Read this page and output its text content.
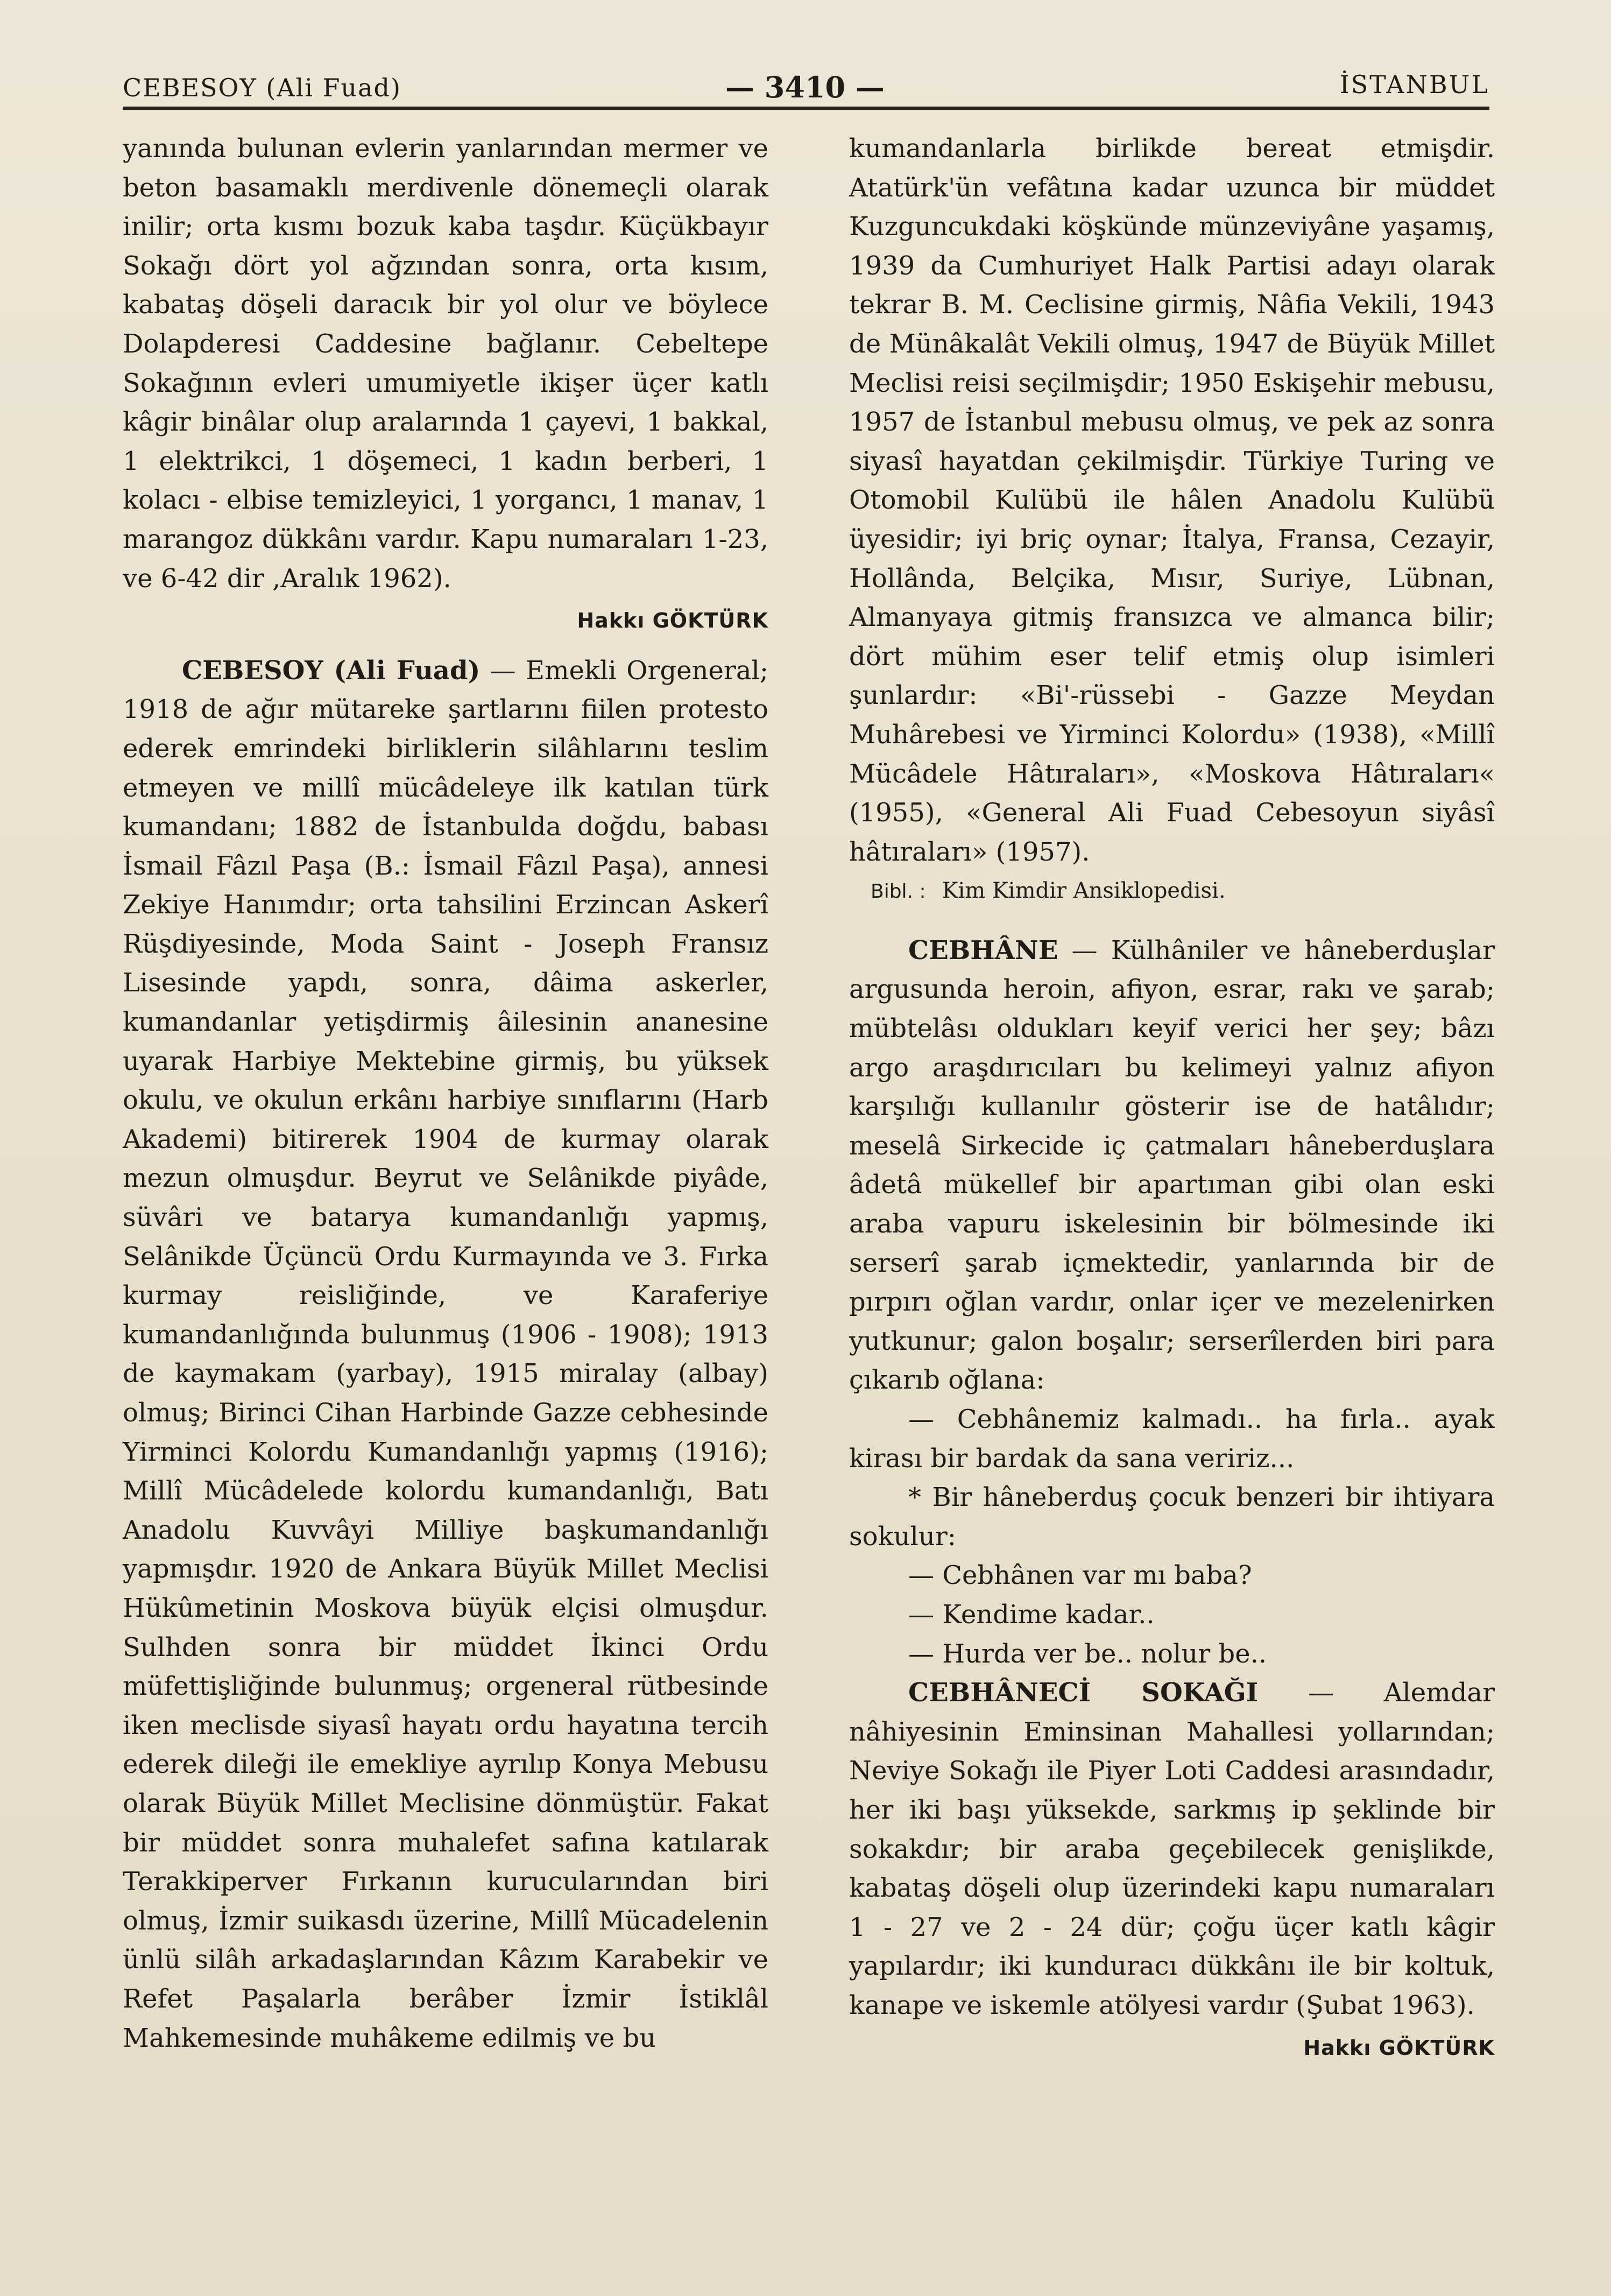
CEBESOY (Ali Fuad)	— 3410 —	İSTANBUL

yanında bulunan evlerin yanlarından mermer ve beton basamaklı merdivenle dönemeçli olarak inilir; orta kısmı bozuk kaba taşdır. Küçükbayır Sokağı dört yol ağzından sonra, orta kısım, kabataş döşeli daracık bir yol olur ve böylece Dolapderesi Caddesine bağlanır. Cebeltepe Sokağının evleri umumiyetle ikişer üçer katlı kâgir binâlar olup aralarında 1 çayevi, 1 bakkal, 1 elektrikci, 1 döşemeci, 1 kadın berberi, 1 kolacı - elbise temizleyici, 1 yorgancı, 1 manav, 1 marangoz dükkânı vardır. Kapu numaraları 1-23, ve 6-42 dir ,Aralık 1962).

Hakkı GÖKTÜRK

CEBESOY (Ali Fuad) — Emekli Orgeneral; 1918 de ağır mütareke şartlarını fiilen protesto ederek emrindeki birliklerin silâhlarını teslim etmeyen ve millî mücâdeleye ilk katılan türk kumandanı; 1882 de İstanbulda doğdu, babası İsmail Fâzıl Paşa (B.: İsmail Fâzıl Paşa), annesi Zekiye Hanımdır; orta tahsilini Erzincan Askerî Rüşdiyesinde, Moda Saint - Joseph Fransız Lisesinde yapdı, sonra, dâima askerler, kumandanlar yetişdirmiş âilesinin ananesine uyarak Harbiye Mektebine girmiş, bu yüksek okulu, ve okulun erkânı harbiye sınıflarını (Harb Akademi) bitirerek 1904 de kurmay olarak mezun olmuşdur. Beyrut ve Selânikde piyâde, süvâri ve batarya kumandanlığı yapmış, Selânikde Üçüncü Ordu Kurmayında ve 3. Fırka kurmay reisliğinde, ve Karaferiye kumandanlığında bulunmuş (1906 - 1908); 1913 de kaymakam (yarbay), 1915 miralay (albay) olmuş; Birinci Cihan Harbinde Gazze cebhesinde Yirminci Kolordu Kumandanlığı yapmış (1916); Millî Mücâdelede kolordu kumandanlığı, Batı Anadolu Kuvvâyi Milliye başkumandanlığı yapmışdır. 1920 de Ankara Büyük Millet Meclisi Hükûmetinin Moskova büyük elçisi olmuşdur. Sulhden sonra bir müddet İkinci Ordu müfettişliğinde bulunmuş; orgeneral rütbesinde iken meclisde siyasî hayatı ordu hayatına tercih ederek dileği ile emekliye ayrılıp Konya Mebusu olarak Büyük Millet Meclisine dönmüştür. Fakat bir müddet sonra muhalefet safına katılarak Terakkiperver Fırkanın kurucularından biri olmuş, İzmir suikasdı üzerine, Millî Mücadelenin ünlü silâh arkadaşlarından Kâzım Karabekir ve Refet Paşalarla berâber İzmir İstiklâl Mahkemesinde muhâkeme edilmiş ve bu

kumandanlarla birlikde bereat etmişdir. Atatürk'ün vefâtına kadar uzunca bir müddet Kuzguncukdaki köşkünde münzeviyâne yaşamış, 1939 da Cumhuriyet Halk Partisi adayı olarak tekrar B. M. Ceclisine girmiş, Nâfia Vekili, 1943 de Münâkalât Vekili olmuş, 1947 de Büyük Millet Meclisi reisi seçilmişdir; 1950 Eskişehir mebusu, 1957 de İstanbul mebusu olmuş, ve pek az sonra siyasî hayatdan çekilmişdir. Türkiye Turing ve Otomobil Kulübü ile hâlen Anadolu Kulübü üyesidir; iyi briç oynar; İtalya, Fransa, Cezayir, Hollânda, Belçika, Mısır, Suriye, Lübnan, Almanyaya gitmiş fransızca ve almanca bilir; dört mühim eser telif etmiş olup isimleri şunlardır: «Bi'-rüssebi - Gazze Meydan Muhârebesi ve Yirminci Kolordu» (1938), «Millî Mücâdele Hâtıraları», «Moskova Hâtıraları« (1955), «General Ali Fuad Cebesoyun siyâsî hâtıraları» (1957).

Bibl. : Kim Kimdir Ansiklopedisi.

CEBHÂNE — Külhâniler ve hâneberduşlar argusunda heroin, afiyon, esrar, rakı ve şarab; mübtelâsı oldukları keyif verici her şey; bâzı argo araşdırıcıları bu kelimeyi yalnız afiyon karşılığı kullanılır gösterir ise de hatâlıdır; meselâ Sirkecide iç çatmaları hâneberduşlara âdetâ mükellef bir apartıman gibi olan eski araba vapuru iskelesinin bir bölmesinde iki serserî şarab içmektedir, yanlarında bir de pırpırı oğlan vardır, onlar içer ve mezelenirken yutkunur; galon boşalır; serserîlerden biri para çıkarıb oğlana:

— Cebhânemiz kalmadı.. ha fırla.. ayak kirası bir bardak da sana veririz...

* Bir hâneberduş çocuk benzeri bir ihtiyara sokulur:

— Cebhânen var mı baba?

— Kendime kadar..

— Hurda ver be.. nolur be..

CEBHÂNECİ SOKAĞI — Alemdar nâhiyesinin Eminsinan Mahallesi yollarından; Neviye Sokağı ile Piyer Loti Caddesi arasındadır, her iki başı yüksekde, sarkmış ip şeklinde bir sokakdır; bir araba geçebilecek genişlikde, kabataş döşeli olup üzerindeki kapu numaraları 1 - 27 ve 2 - 24 dür; çoğu üçer katlı kâgir yapılardır; iki kunduracı dükkânı ile bir koltuk, kanape ve iskemle atölyesi vardır (Şubat 1963).

Hakkı GÖKTÜRK
